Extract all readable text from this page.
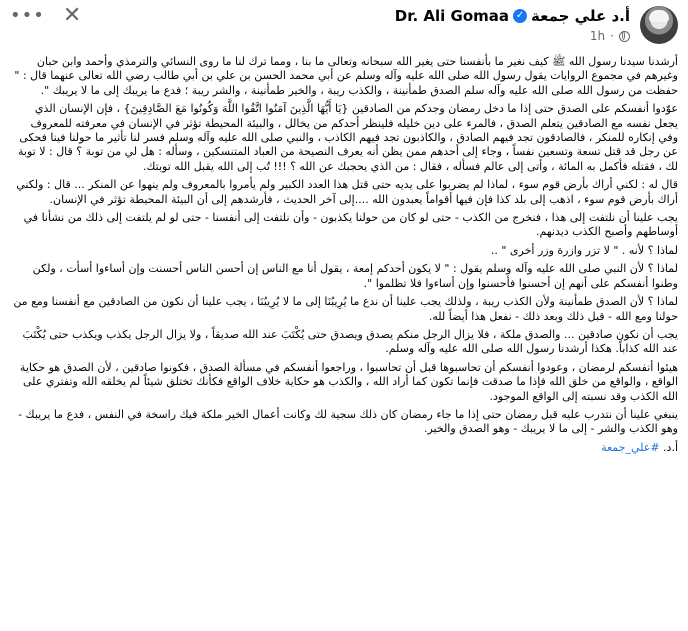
أ.د علي جمعة
✓
Dr. Ali Gomaa
1h ·
••• ✕

أرشدنا سيدنا رسول الله ﷺ كيف نغير ما بأنفسنا حتى يغير الله سبحانه وتعالى ما بنا ، ومما ترك لنا ما روى النسائي والترمذي وأحمد وابن حبان وغيرهم في مجموع الروايات يقول رسول الله صلى الله عليه وآله وسلم عن أبي محمد الحسن بن علي بن أبي طالب رضي الله تعالى عنهما قال : " حفظت من رسول الله صلى الله عليه وآله سلم الصدق طمأنينة ، والكذب ريبة ، والخير طمأنينة ، والشر ريبة ؛ فدع ما يريبك إلى ما لا يريبك ".

عوّدوا أنفسكم على الصدق حتى إذا ما دخل رمضان وجدكم من الصادقين {يَا أَيُّهَا الَّذِينَ آمَنُوا اتَّقُوا اللَّهَ وَكُونُوا مَعَ الصَّادِقِينَ} ، فإن الإنسان الذي يجعل نفسه مع الصادقين يتعلم الصدق ، فالمرء على دين خليله فلينظر أحدكم من يخالل ، والبيئة المحيطة تؤثر في الإنسان في معرفته للمعروف وفي إنكاره للمنكر ، فالصادقون تجد فيهم الصادق ، والكاذبون تجد فيهم الكاذب ، والنبي صلى الله عليه وآله وسلم فسر لنا تأثير ما حولنا فينا فحكى عن رجل قد قتل تسعة وتسعين نفساً ، وجاء إلى أحدهم ممن يظن أنه يعرف النصيحة من العباد المتنسكين ، وسأله : هل لي من توبة ؟ قال : لا توبة لك ، فقتله فأكمل به المائة ، وأتى إلى عالم فسأله ، فقال : من الذي يحجبك عن الله ؟ !!! تُب إلى الله يقبل الله توبتك.

قال له : لكني أراك بأرض قوم سوء ، لماذا لم يضربوا على يديه حتى قتل هذا العدد الكبير ولم يأمروا بالمعروف ولم ينهوا عن المنكر ... قال : ولكني أراك بأرض قوم سوء ، اذهب إلى بلد كذا فإن فيها أقواماً يعبدون الله ....إلى آخر الحديث ، فأرشدهم إلى أن البيئة المحيطة تؤثر في الإنسان.

يجب علينا أن نلتفت إلى هذا ، فنخرج من الكذب - حتى لو كان من حولنا يكذبون - وأن نلتفت إلى أنفسنا - حتى لو لم يلتفت إلى ذلك من نشأنا في أوساطهم وأصبح الكذب ديدنهم.

لماذا ؟ لأنه . " لا تزر وازرة وزر أخرى " ..

لماذا ؟ لأن النبي صلى الله عليه وآله وسلم يقول : " لا يكون أحدكم إمعة ، يقول أنا مع الناس إن أحسن الناس أحسنت وإن أساءوا أسأت ، ولكن وطنوا أنفسكم على أنهم إن أحسنوا فأحسنوا وإن أساءوا فلا تظلموا ".

لماذا ؟ لأن الصدق طمأنينة ولأن الكذب ريبة ، ولذلك يجب علينا أن ندع ما يُرِيبُنَا إلى ما لا يُرِيبُنَا ، يجب علينا أن نكون من الصادقين مع أنفسنا ومع من حولنا ومع الله - قبل ذلك وبعد ذلك - نفعل هذا أيضاً لله.

يجب أن نكون صادقين ... والصدق ملكة ، فلا يزال الرجل منكم يصدق ويصدق حتى يُكْتَبَ عند الله صديقاً ، ولا يزال الرجل يكذب ويكذب حتى يُكْتَبَ عند الله كذاباً. هكذا أرشدنا رسول الله صلى الله عليه وآله وسلم.

هيئوا أنفسكم لرمضان ، وعودوا أنفسكم أن تحاسبوها قبل أن تحاسبوا ، وراجعوا أنفسكم في مسألة الصدق ، فكونوا صادقين ، لأن الصدق هو حكاية الواقع ، والواقع من خلق الله فإذا ما صدقت فإنما تكون كما أراد الله ، والكذب هو حكاية خلاف الواقع فكأنك تختلق شيئاً لم يخلقه الله وتفتري على الله الكذب وقد نسبته إلى الواقع الموجود.

ينبغي علينا أن نتدرب عليه قبل رمضان حتى إذا ما جاء رمضان كان ذلك سجية لك وكانت أعمال الخير ملكة فيك راسخة في النفس ، فدع ما يريبك - وهو الكذب والشر - إلى ما لا يريبك - وهو الصدق والخير.

أ.د. #علي_جمعة
